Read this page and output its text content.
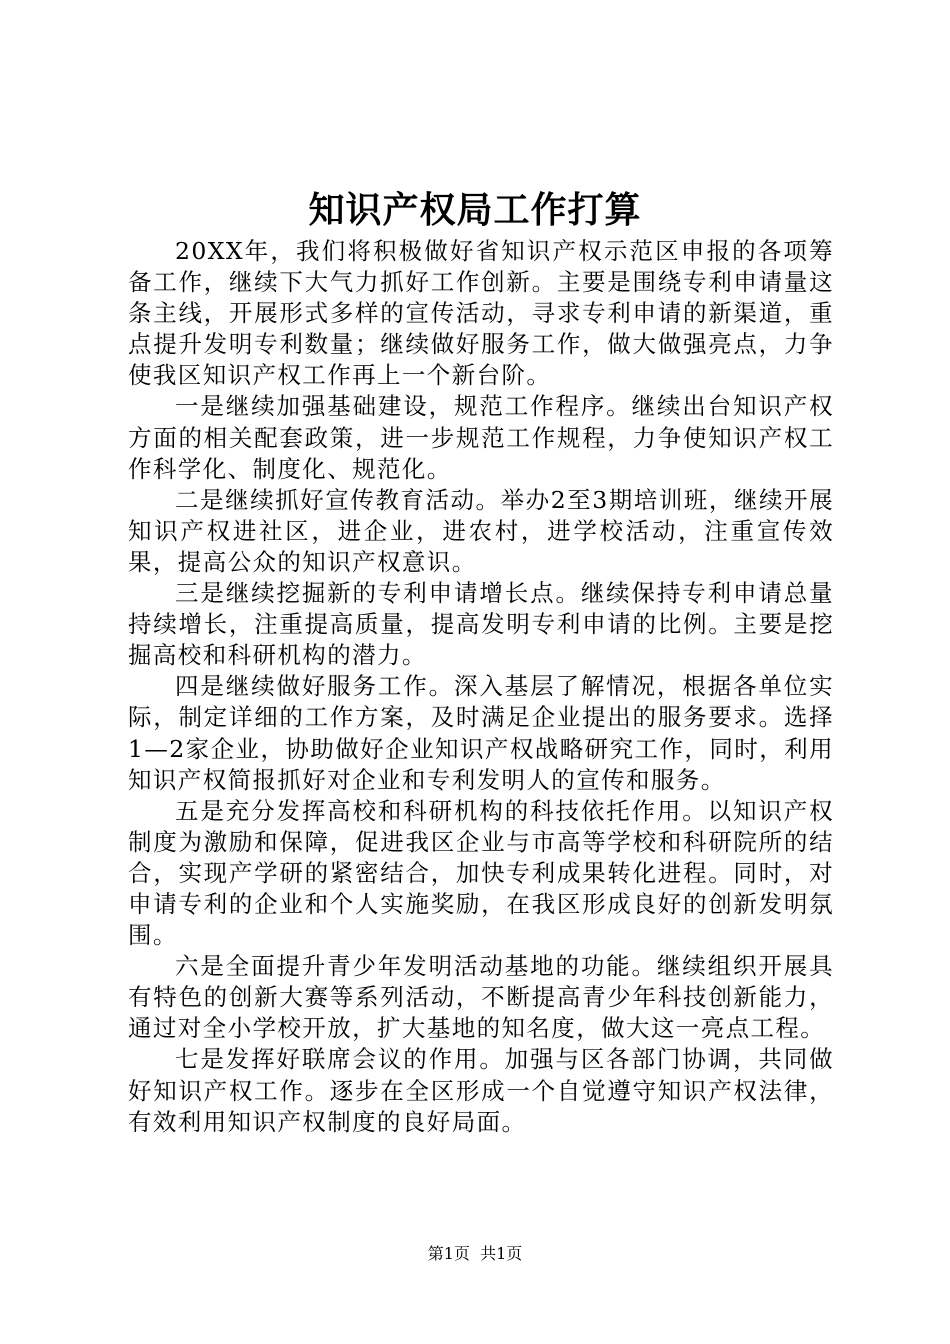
知识产权局工作打算

20XX年，我们将积极做好省知识产权示范区申报的各项筹备工作，继续下大气力抓好工作创新。主要是围绕专利申请量这条主线，开展形式多样的宣传活动，寻求专利申请的新渠道，重点提升发明专利数量；继续做好服务工作，做大做强亮点，力争使我区知识产权工作再上一个新台阶。

一是继续加强基础建设，规范工作程序。继续出台知识产权方面的相关配套政策，进一步规范工作规程，力争使知识产权工作科学化、制度化、规范化。

二是继续抓好宣传教育活动。举办2至3期培训班，继续开展知识产权进社区，进企业，进农村，进学校活动，注重宣传效果，提高公众的知识产权意识。

三是继续挖掘新的专利申请增长点。继续保持专利申请总量持续增长，注重提高质量，提高发明专利申请的比例。主要是挖掘高校和科研机构的潜力。

四是继续做好服务工作。深入基层了解情况，根据各单位实际，制定详细的工作方案，及时满足企业提出的服务要求。选择1—2家企业，协助做好企业知识产权战略研究工作，同时，利用知识产权简报抓好对企业和专利发明人的宣传和服务。

五是充分发挥高校和科研机构的科技依托作用。以知识产权制度为激励和保障，促进我区企业与市高等学校和科研院所的结合，实现产学研的紧密结合，加快专利成果转化进程。同时，对申请专利的企业和个人实施奖励，在我区形成良好的创新发明氛围。

六是全面提升青少年发明活动基地的功能。继续组织开展具有特色的创新大赛等系列活动，不断提高青少年科技创新能力，通过对全小学校开放，扩大基地的知名度，做大这一亮点工程。

七是发挥好联席会议的作用。加强与区各部门协调，共同做好知识产权工作。逐步在全区形成一个自觉遵守知识产权法律，有效利用知识产权制度的良好局面。

第1页 共1页
